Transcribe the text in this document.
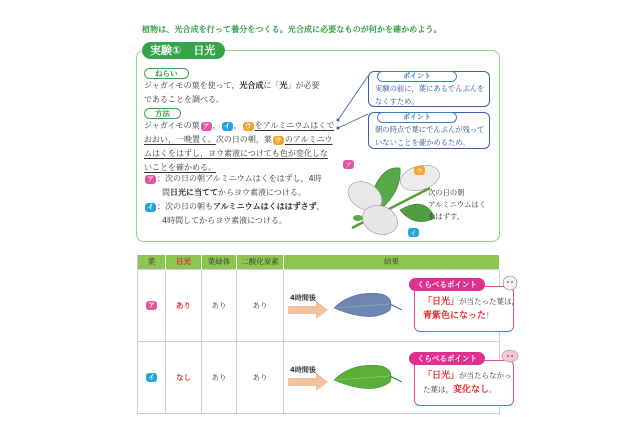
植物は、光合成を行って養分をつくる。光合成に必要なものが何かを確かめよう。
実験① 日光
ねらい
ジャガイモの葉を使って，光合成に「光」が必要
であることを調べる。
方法
ジャガイモの葉 ア ， イ ， ウ をアルミニウムはくで
おおい，一晩置く。次の日の朝，葉 ウ のアルミニウ
ムはくをはずし，ヨウ素液につけても色が変化しな
いことを確かめる。
ア ：次の日の朝アルミニウムはくをはずし，4時
間日光に当ててからヨウ素液につける。
イ ：次の日の朝もアルミニウムはくははずさず，
4時間してからヨウ素液につける。
ポイント
実験の前に，葉にあるでんぷんを
なくすため。
ポイント
朝の時点で葉にでんぷんが残って
いないことを確かめるため。
ア
ウ
イ
次の日の朝
アルミニウムはく
をはずす。
葉	日光	葉緑体	二酸化炭素	結果
ア	あり	あり	あり	4時間後
くらべるポイント
「日光」が当たった葉は，
青紫色になった！

イ	なし	あり	あり	4時間後
くらべるポイント
「日光」が当たらなかっ
た葉は，変化なし。
